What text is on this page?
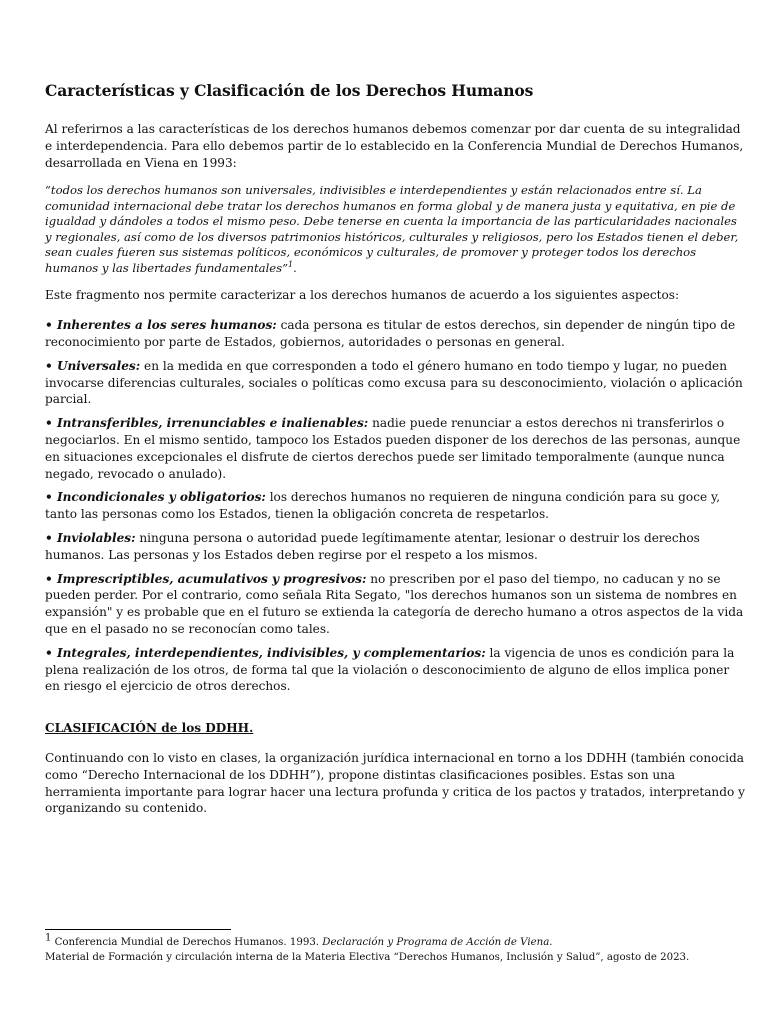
Características y Clasificación de los Derechos Humanos

Al referirnos a las características de los derechos humanos debemos comenzar por dar cuenta de su integralidad e interdependencia. Para ello debemos partir de lo establecido en la Conferencia Mundial de Derechos Humanos, desarrollada en Viena en 1993:

“todos los derechos humanos son universales, indivisibles e interdependientes y están relacionados entre sí. La comunidad internacional debe tratar los derechos humanos en forma global y de manera justa y equitativa, en pie de igualdad y dándoles a todos el mismo peso. Debe tenerse en cuenta la importancia de las particularidades nacionales y regionales, así como de los diversos patrimonios históricos, culturales y religiosos, pero los Estados tienen el deber, sean cuales fueren sus sistemas políticos, económicos y culturales, de promover y proteger todos los derechos humanos y las libertades fundamentales”$^1$.

Este fragmento nos permite caracterizar a los derechos humanos de acuerdo a los siguientes aspectos:

• Inherentes a los seres humanos: cada persona es titular de estos derechos, sin depender de ningún tipo de reconocimiento por parte de Estados, gobiernos, autoridades o personas en general.

• Universales: en la medida en que corresponden a todo el género humano en todo tiempo y lugar, no pueden invocarse diferencias culturales, sociales o políticas como excusa para su desconocimiento, violación o aplicación parcial.

• Intransferibles, irrenunciables e inalienables: nadie puede renunciar a estos derechos ni transferirlos o negociarlos. En el mismo sentido, tampoco los Estados pueden disponer de los derechos de las personas, aunque en situaciones excepcionales el disfrute de ciertos derechos puede ser limitado temporalmente (aunque nunca negado, revocado o anulado).

• Incondicionales y obligatorios: los derechos humanos no requieren de ninguna condición para su goce y, tanto las personas como los Estados, tienen la obligación concreta de respetarlos.

• Inviolables: ninguna persona o autoridad puede legítimamente atentar, lesionar o destruir los derechos humanos. Las personas y los Estados deben regirse por el respeto a los mismos.

• Imprescriptibles, acumulativos y progresivos: no prescriben por el paso del tiempo, no caducan y no se pueden perder. Por el contrario, como señala Rita Segato, "los derechos humanos son un sistema de nombres en expansión" y es probable que en el futuro se extienda la categoría de derecho humano a otros aspectos de la vida que en el pasado no se reconocían como tales.

• Integrales, interdependientes, indivisibles, y complementarios: la vigencia de unos es condición para la plena realización de los otros, de forma tal que la violación o desconocimiento de alguno de ellos implica poner en riesgo el ejercicio de otros derechos.

CLASIFICACIÓN de los DDHH.

Continuando con lo visto en clases, la organización jurídica internacional en torno a los DDHH (también conocida como “Derecho Internacional de los DDHH”), propone distintas clasificaciones posibles. Estas son una herramienta importante para lograr hacer una lectura profunda y critica de los pactos y tratados, interpretando y organizando su contenido.

1 Conferencia Mundial de Derechos Humanos. 1993. Declaración y Programa de Acción de Viena.

Material de Formación y circulación interna de la Materia Electiva “Derechos Humanos, Inclusión y Salud”, agosto de 2023.
